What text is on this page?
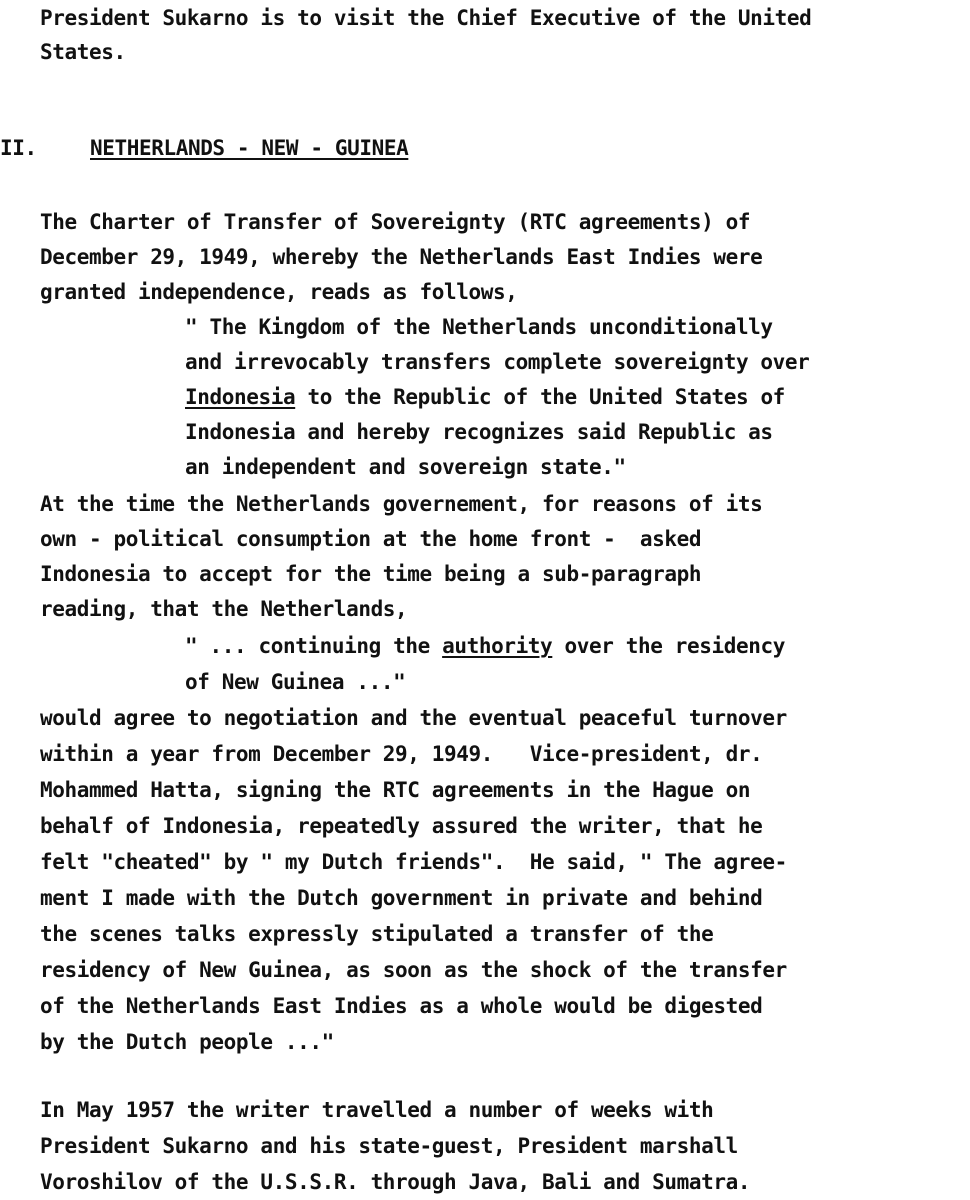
President Sukarno is to visit the Chief Executive of the United
States.
II.	NETHERLANDS - NEW - GUINEA
The Charter of Transfer of Sovereignty (RTC agreements) of
December 29, 1949, whereby the Netherlands East Indies were
granted independence, reads as follows,
" The Kingdom of the Netherlands unconditionally
and irrevocably transfers complete sovereignty over
Indonesia to the Republic of the United States of
Indonesia and hereby recognizes said Republic as
an independent and sovereign state."
At the time the Netherlands governement, for reasons of its
own - political consumption at the home front -  asked
Indonesia to accept for the time being a sub-paragraph
reading, that the Netherlands,
" ... continuing the authority over the residency
of New Guinea ..."
would agree to negotiation and the eventual peaceful turnover
within a year from December 29, 1949.   Vice-president, dr.
Mohammed Hatta, signing the RTC agreements in the Hague on
behalf of Indonesia, repeatedly assured the writer, that he
felt "cheated" by " my Dutch friends".  He said, " The agree-
ment I made with the Dutch government in private and behind
the scenes talks expressly stipulated a transfer of the
residency of New Guinea, as soon as the shock of the transfer
of the Netherlands East Indies as a whole would be digested
by the Dutch people ..."
In May 1957 the writer travelled a number of weeks with
President Sukarno and his state-guest, President marshall
Voroshilov of the U.S.S.R. through Java, Bali and Sumatra.
